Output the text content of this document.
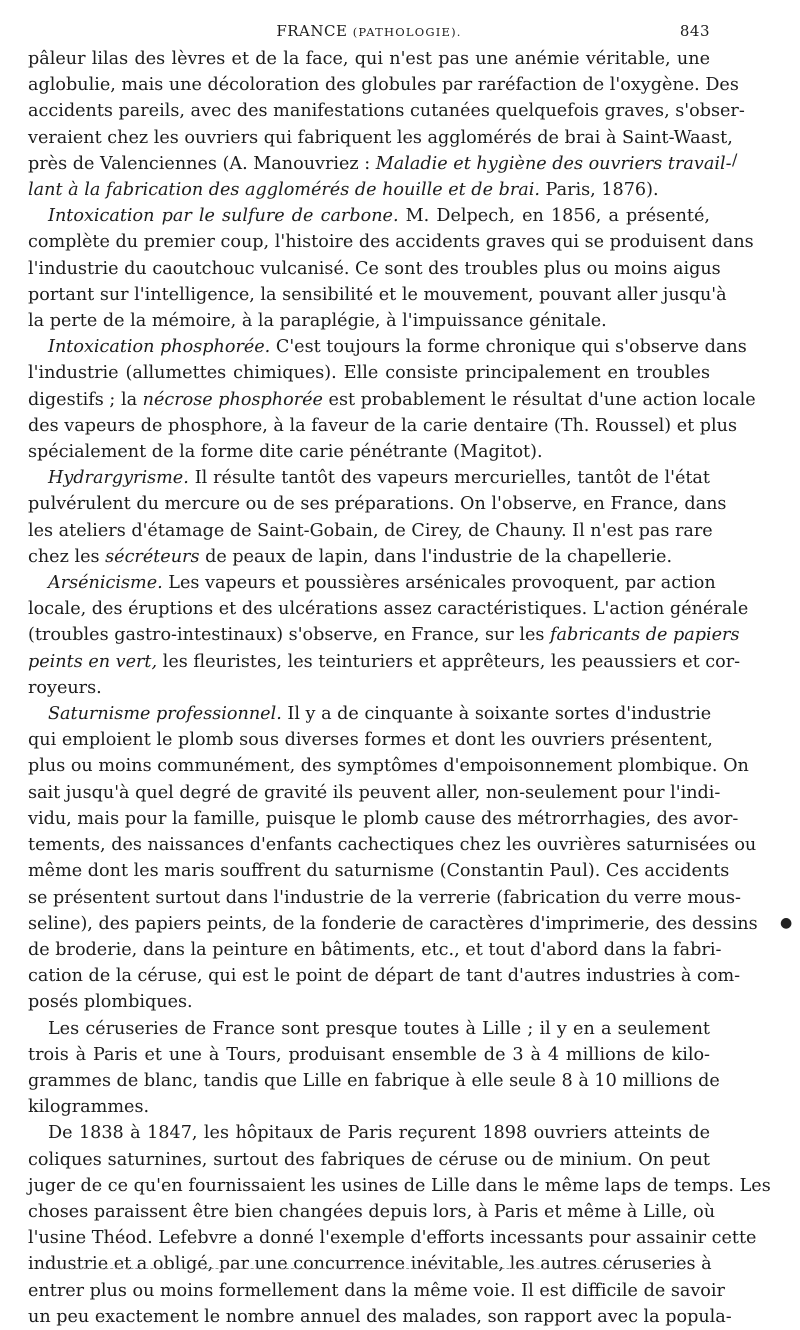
FRANCE (PATHOLOGIE).	843

pâleur lilas des lèvres et de la face, qui n'est pas une anémie véritable, une
aglobulie, mais une décoloration des globules par raréfaction de l'oxygène. Des
accidents pareils, avec des manifestations cutanées quelquefois graves, s'obser-
veraient chez les ouvriers qui fabriquent les agglomérés de brai à Saint-Waast,
près de Valenciennes (A. Manouvriez : Maladie et hygiène des ouvriers travail-
lant à la fabrication des agglomérés de houille et de brai. Paris, 1876).

Intoxication par le sulfure de carbone. M. Delpech, en 1856, a présenté,
complète du premier coup, l'histoire des accidents graves qui se produisent dans
l'industrie du caoutchouc vulcanisé. Ce sont des troubles plus ou moins aigus
portant sur l'intelligence, la sensibilité et le mouvement, pouvant aller jusqu'à
la perte de la mémoire, à la paraplégie, à l'impuissance génitale.

Intoxication phosphorée. C'est toujours la forme chronique qui s'observe dans
l'industrie (allumettes chimiques). Elle consiste principalement en troubles
digestifs ; la nécrose phosphorée est probablement le résultat d'une action locale
des vapeurs de phosphore, à la faveur de la carie dentaire (Th. Roussel) et plus
spécialement de la forme dite carie pénétrante (Magitot).

Hydrargyrisme. Il résulte tantôt des vapeurs mercurielles, tantôt de l'état
pulvérulent du mercure ou de ses préparations. On l'observe, en France, dans
les ateliers d'étamage de Saint-Gobain, de Cirey, de Chauny. Il n'est pas rare
chez les sécréteurs de peaux de lapin, dans l'industrie de la chapellerie.

Arsénicisme. Les vapeurs et poussières arsénicales provoquent, par action
locale, des éruptions et des ulcérations assez caractéristiques. L'action générale
(troubles gastro-intestinaux) s'observe, en France, sur les fabricants de papiers
peints en vert, les fleuristes, les teinturiers et apprêteurs, les peaussiers et cor-
royeurs.

Saturnisme professionnel. Il y a de cinquante à soixante sortes d'industrie
qui emploient le plomb sous diverses formes et dont les ouvriers présentent,
plus ou moins communément, des symptômes d'empoisonnement plombique. On
sait jusqu'à quel degré de gravité ils peuvent aller, non-seulement pour l'indi-
vidu, mais pour la famille, puisque le plomb cause des métrorrhagies, des avor-
tements, des naissances d'enfants cachectiques chez les ouvrières saturnisées ou
même dont les maris souffrent du saturnisme (Constantin Paul). Ces accidents
se présentent surtout dans l'industrie de la verrerie (fabrication du verre mous-
seline), des papiers peints, de la fonderie de caractères d'imprimerie, des dessins
de broderie, dans la peinture en bâtiments, etc., et tout d'abord dans la fabri-
cation de la céruse, qui est le point de départ de tant d'autres industries à com-
posés plombiques.

Les céruseries de France sont presque toutes à Lille ; il y en a seulement
trois à Paris et une à Tours, produisant ensemble de 3 à 4 millions de kilo-
grammes de blanc, tandis que Lille en fabrique à elle seule 8 à 10 millions de
kilogrammes.

De 1838 à 1847, les hôpitaux de Paris reçurent 1898 ouvriers atteints de
coliques saturnines, surtout des fabriques de céruse ou de minium. On peut
juger de ce qu'en fournissaient les usines de Lille dans le même laps de temps. Les
choses paraissent être bien changées depuis lors, à Paris et même à Lille, où
l'usine Théod. Lefebvre a donné l'exemple d'efforts incessants pour assainir cette
industrie et a obligé, par une concurrence inévitable, les autres céruseries à
entrer plus ou moins formellement dans la même voie. Il est difficile de savoir
un peu exactement le nombre annuel des malades, son rapport avec la popula-

/
●
